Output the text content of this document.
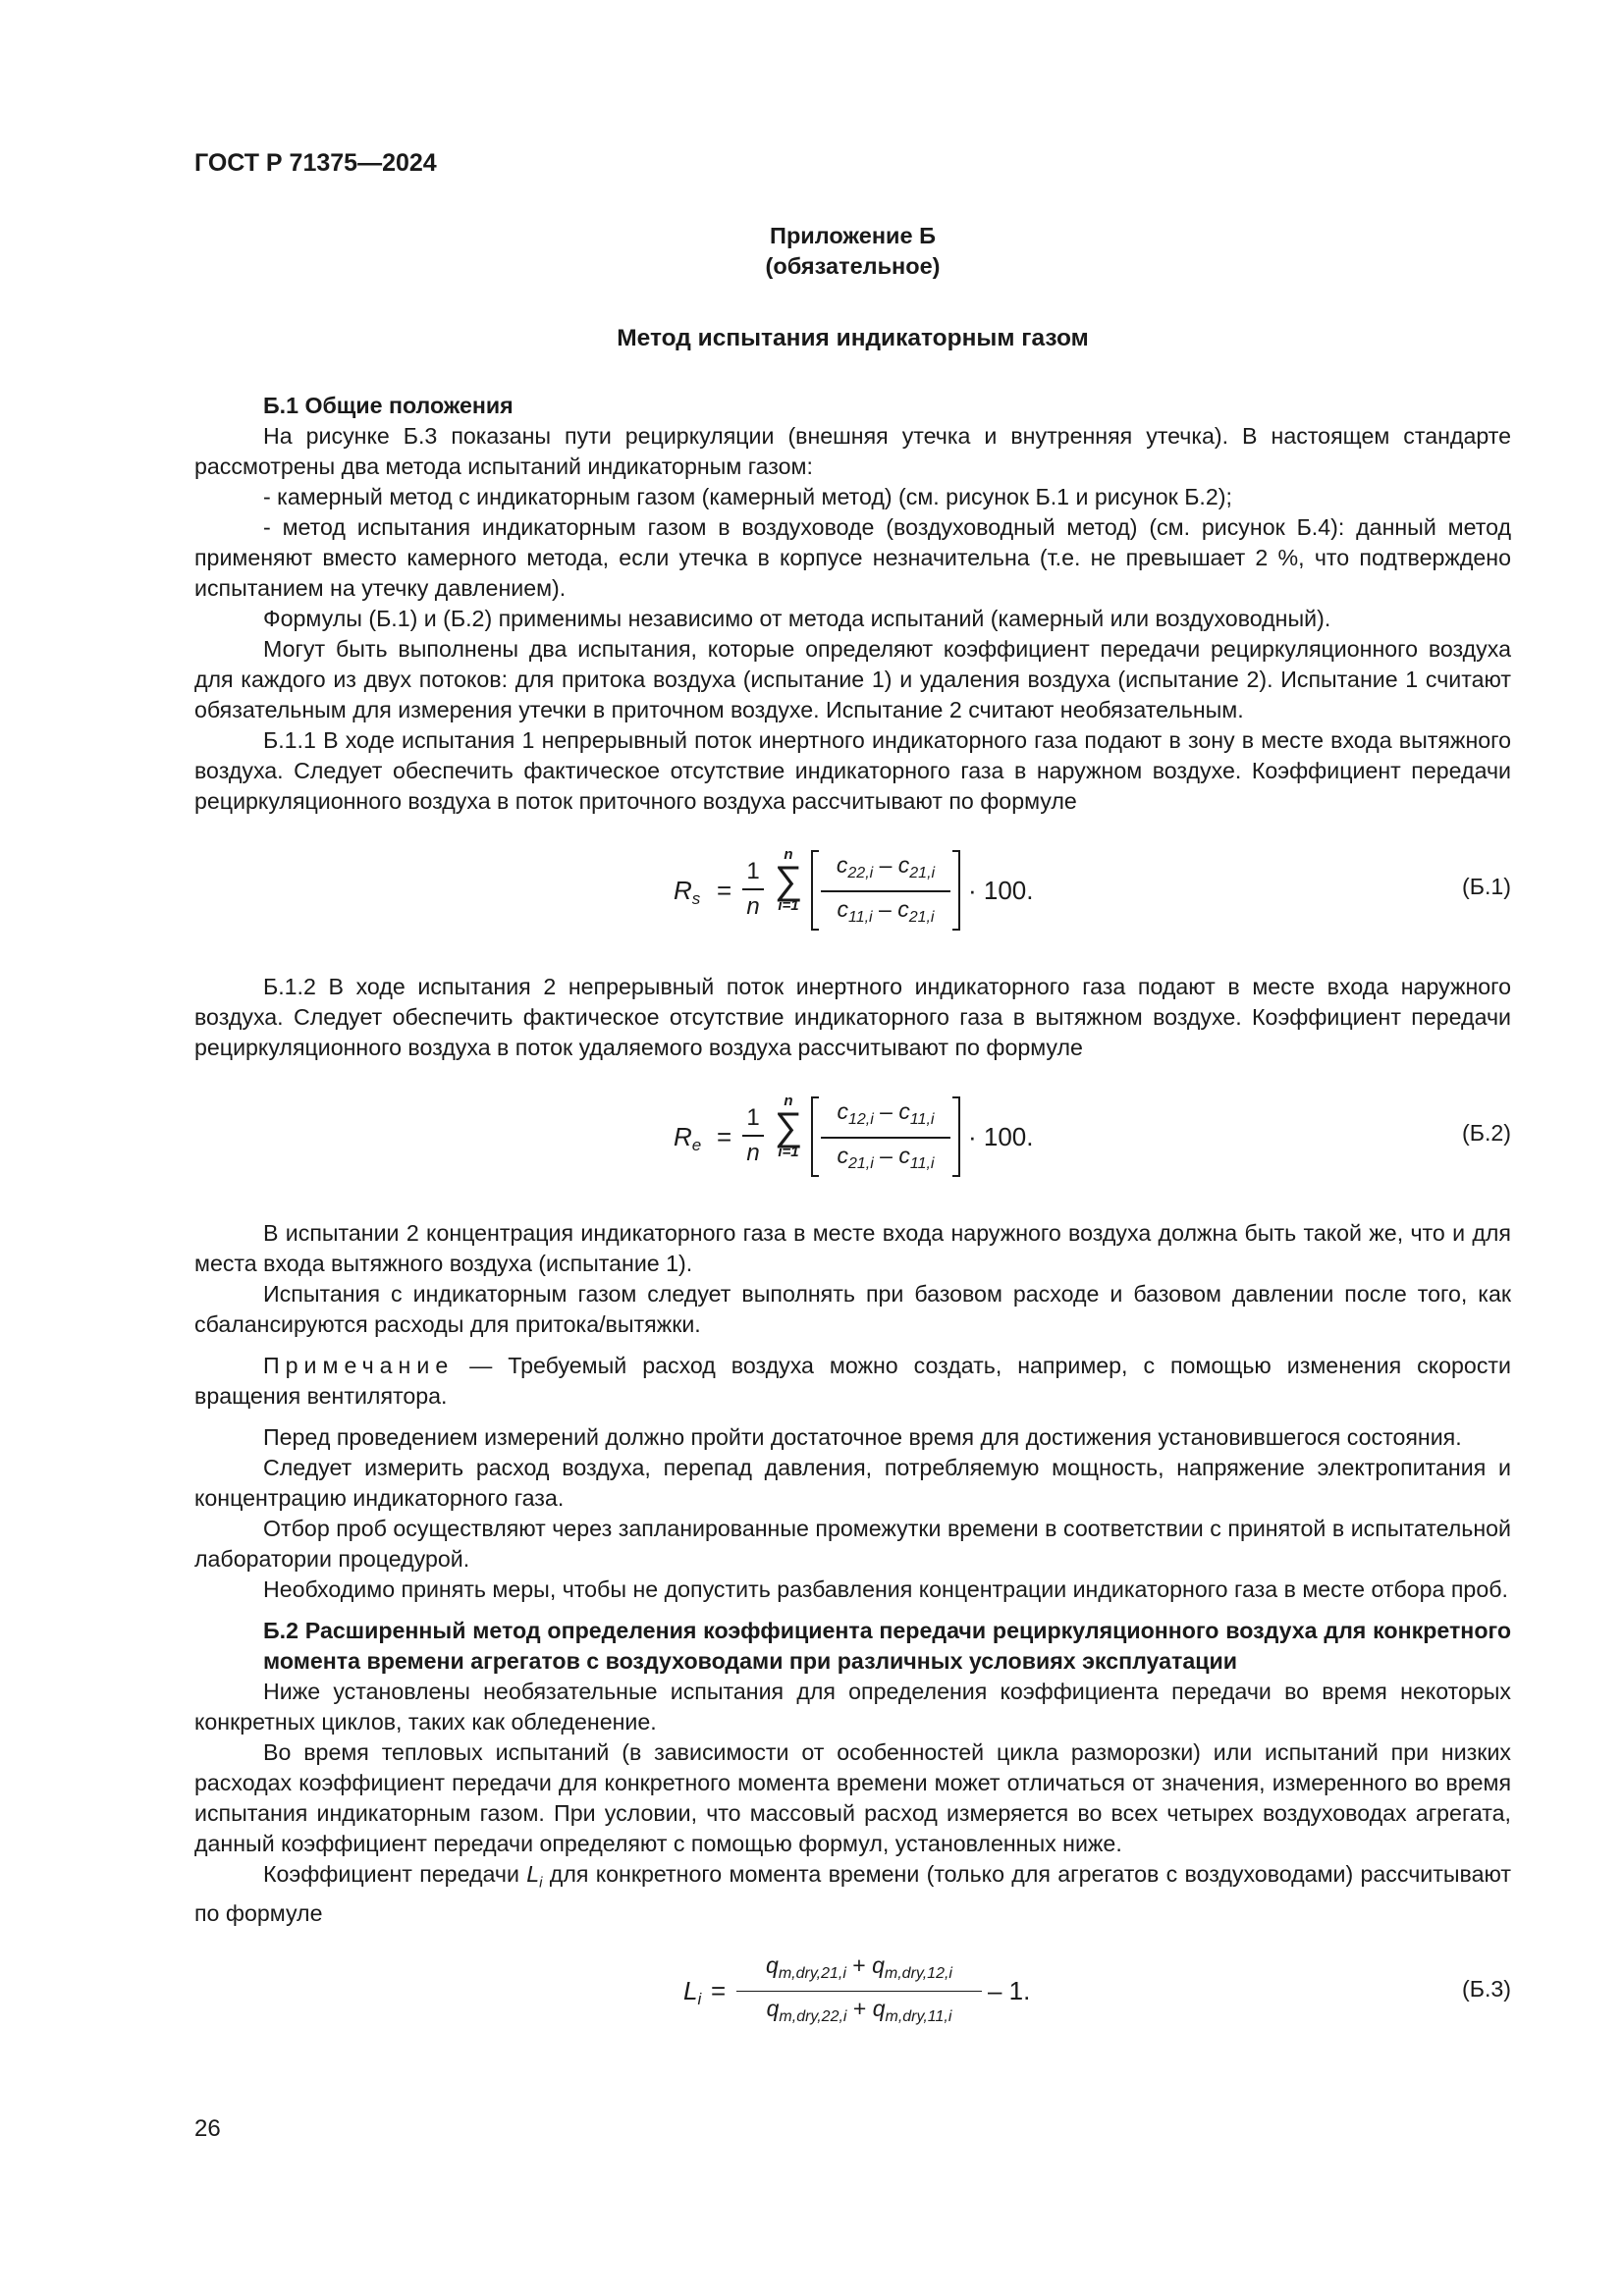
ГОСТ Р 71375—2024
Приложение Б
(обязательное)
Метод испытания индикаторным газом
Б.1 Общие положения
На рисунке Б.3 показаны пути рециркуляции (внешняя утечка и внутренняя утечка). В настоящем стандарте рассмотрены два метода испытаний индикаторным газом:
- камерный метод с индикаторным газом (камерный метод) (см. рисунок Б.1 и рисунок Б.2);
- метод испытания индикаторным газом в воздуховоде (воздуховодный метод) (см. рисунок Б.4): данный метод применяют вместо камерного метода, если утечка в корпусе незначительна (т.е. не превышает 2 %, что подтверждено испытанием на утечку давлением).
Формулы (Б.1) и (Б.2) применимы независимо от метода испытаний (камерный или воздуховодный).
Могут быть выполнены два испытания, которые определяют коэффициент передачи рециркуляционного воздуха для каждого из двух потоков: для притока воздуха (испытание 1) и удаления воздуха (испытание 2). Испытание 1 считают обязательным для измерения утечки в приточном воздухе. Испытание 2 считают необязательным.
Б.1.1 В ходе испытания 1 непрерывный поток инертного индикаторного газа подают в зону в месте входа вытяжного воздуха. Следует обеспечить фактическое отсутствие индикаторного газа в наружном воздухе. Коэффициент передачи рециркуляционного воздуха в поток приточного воздуха рассчитывают по формуле
$R_s$ =
1
n
n
∑
i=1
$c_{22,i} - c_{21,i}$
$c_{11,i} - c_{21,i}$
· 100.	(Б.1)
Б.1.2 В ходе испытания 2 непрерывный поток инертного индикаторного газа подают в месте входа наружного воздуха. Следует обеспечить фактическое отсутствие индикаторного газа в вытяжном воздухе. Коэффициент передачи рециркуляционного воздуха в поток удаляемого воздуха рассчитывают по формуле
$R_e$ =
1
n
n
∑
i=1
$c_{12,i} - c_{11,i}$
$c_{21,i} - c_{11,i}$
· 100.	(Б.2)
В испытании 2 концентрация индикаторного газа в месте входа наружного воздуха должна быть такой же, что и для места входа вытяжного воздуха (испытание 1).
Испытания с индикаторным газом следует выполнять при базовом расходе и базовом давлении после того, как сбалансируются расходы для притока/вытяжки.
Примечание — Требуемый расход воздуха можно создать, например, с помощью изменения скорости вращения вентилятора.
Перед проведением измерений должно пройти достаточное время для достижения установившегося состояния.
Следует измерить расход воздуха, перепад давления, потребляемую мощность, напряжение электропитания и концентрацию индикаторного газа.
Отбор проб осуществляют через запланированные промежутки времени в соответствии с принятой в испытательной лаборатории процедурой.
Необходимо принять меры, чтобы не допустить разбавления концентрации индикаторного газа в месте отбора проб.
Б.2 Расширенный метод определения коэффициента передачи рециркуляционного воздуха для конкретного момента времени агрегатов с воздуховодами при различных условиях эксплуатации
Ниже установлены необязательные испытания для определения коэффициента передачи во время некоторых конкретных циклов, таких как обледенение.
Во время тепловых испытаний (в зависимости от особенностей цикла разморозки) или испытаний при низких расходах коэффициент передачи для конкретного момента времени может отличаться от значения, измеренного во время испытания индикаторным газом. При условии, что массовый расход измеряется во всех четырех воздуховодах агрегата, данный коэффициент передачи определяют с помощью формул, установленных ниже.
Коэффициент передачи $L_i$ для конкретного момента времени (только для агрегатов с воздуховодами) рассчитывают по формуле
$L_i$ =
$q_{m,dry,21,i} + q_{m,dry,12,i}$
$q_{m,dry,22,i} + q_{m,dry,11,i}$
– 1.	(Б.3)
26
